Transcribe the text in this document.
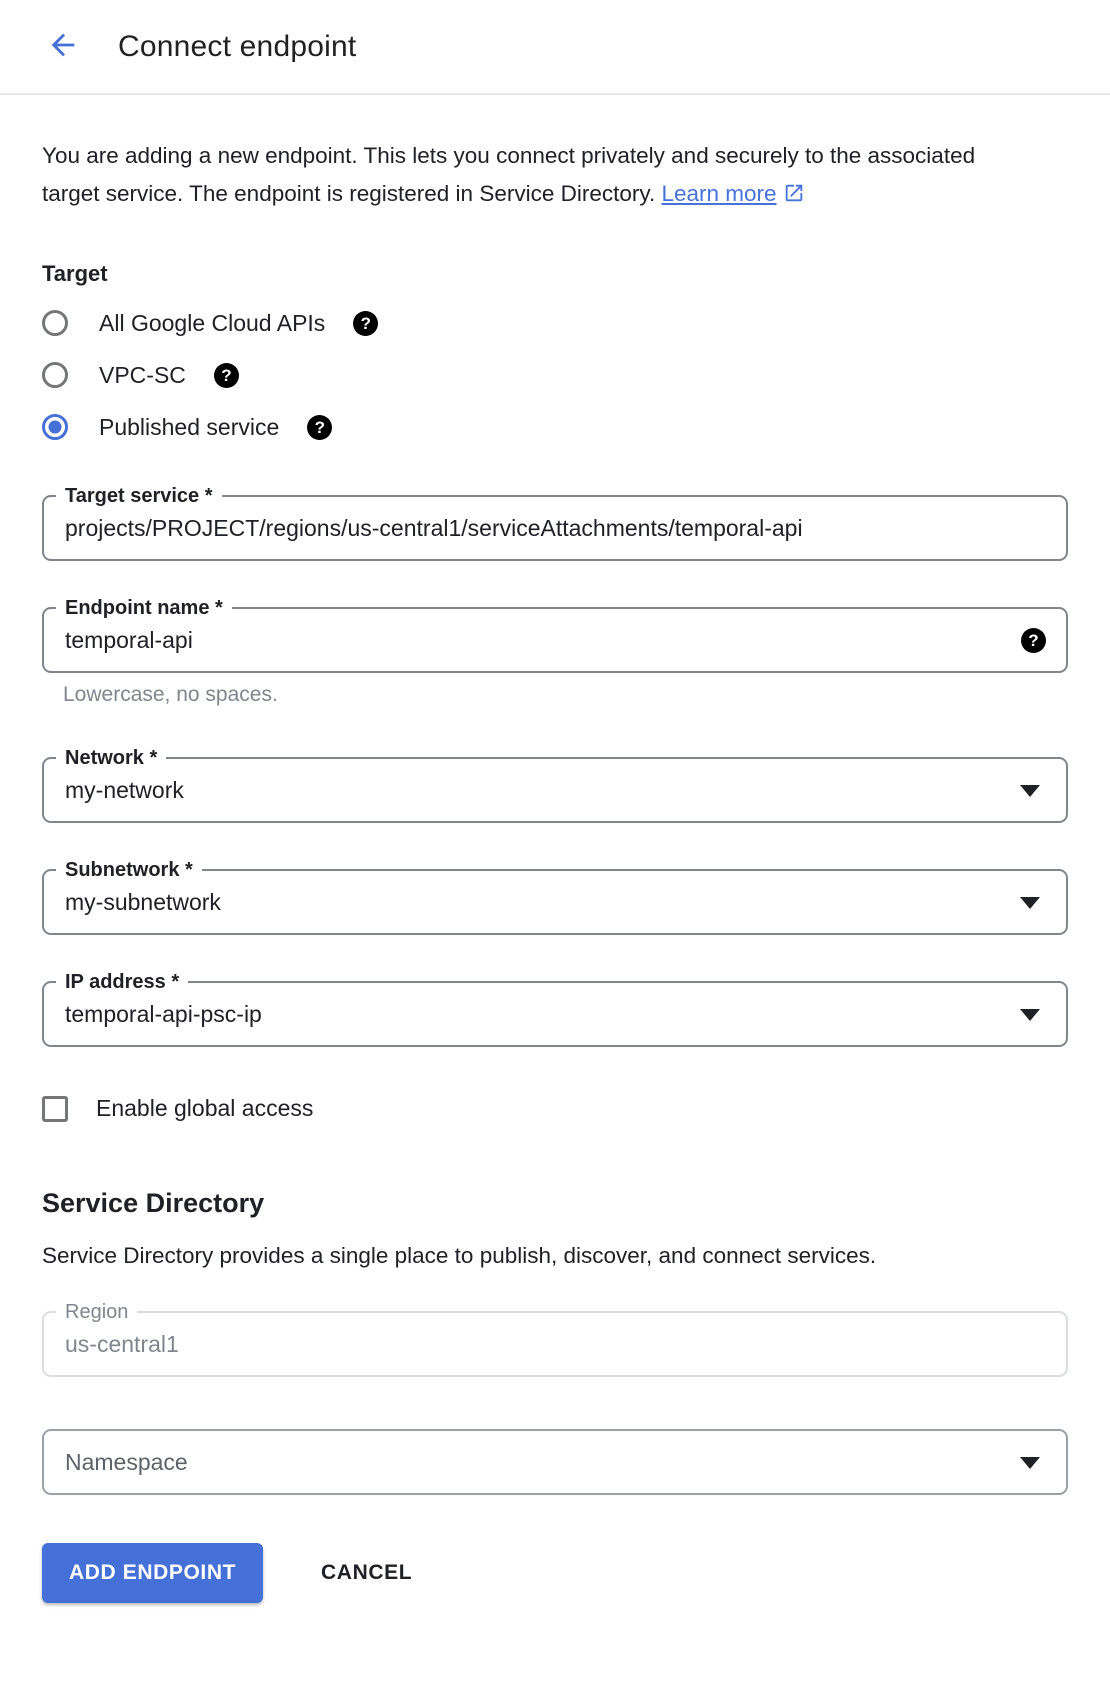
Connect endpoint

You are adding a new endpoint. This lets you connect privately and securely to the associated target service. The endpoint is registered in Service Directory. Learn more

Target
All Google Cloud APIs	?
VPC-SC	?
Published service	?
Target service *
projects/PROJECT/regions/us-central1/serviceAttachments/temporal-api
Endpoint name *
temporal-api	?
Lowercase, no spaces.
Network *
my-network
Subnetwork *
my-subnetwork
IP address *
temporal-api-psc-ip
Enable global access
Service Directory

Service Directory provides a single place to publish, discover, and connect services.

Region
us-central1
Namespace
ADD ENDPOINT	CANCEL
